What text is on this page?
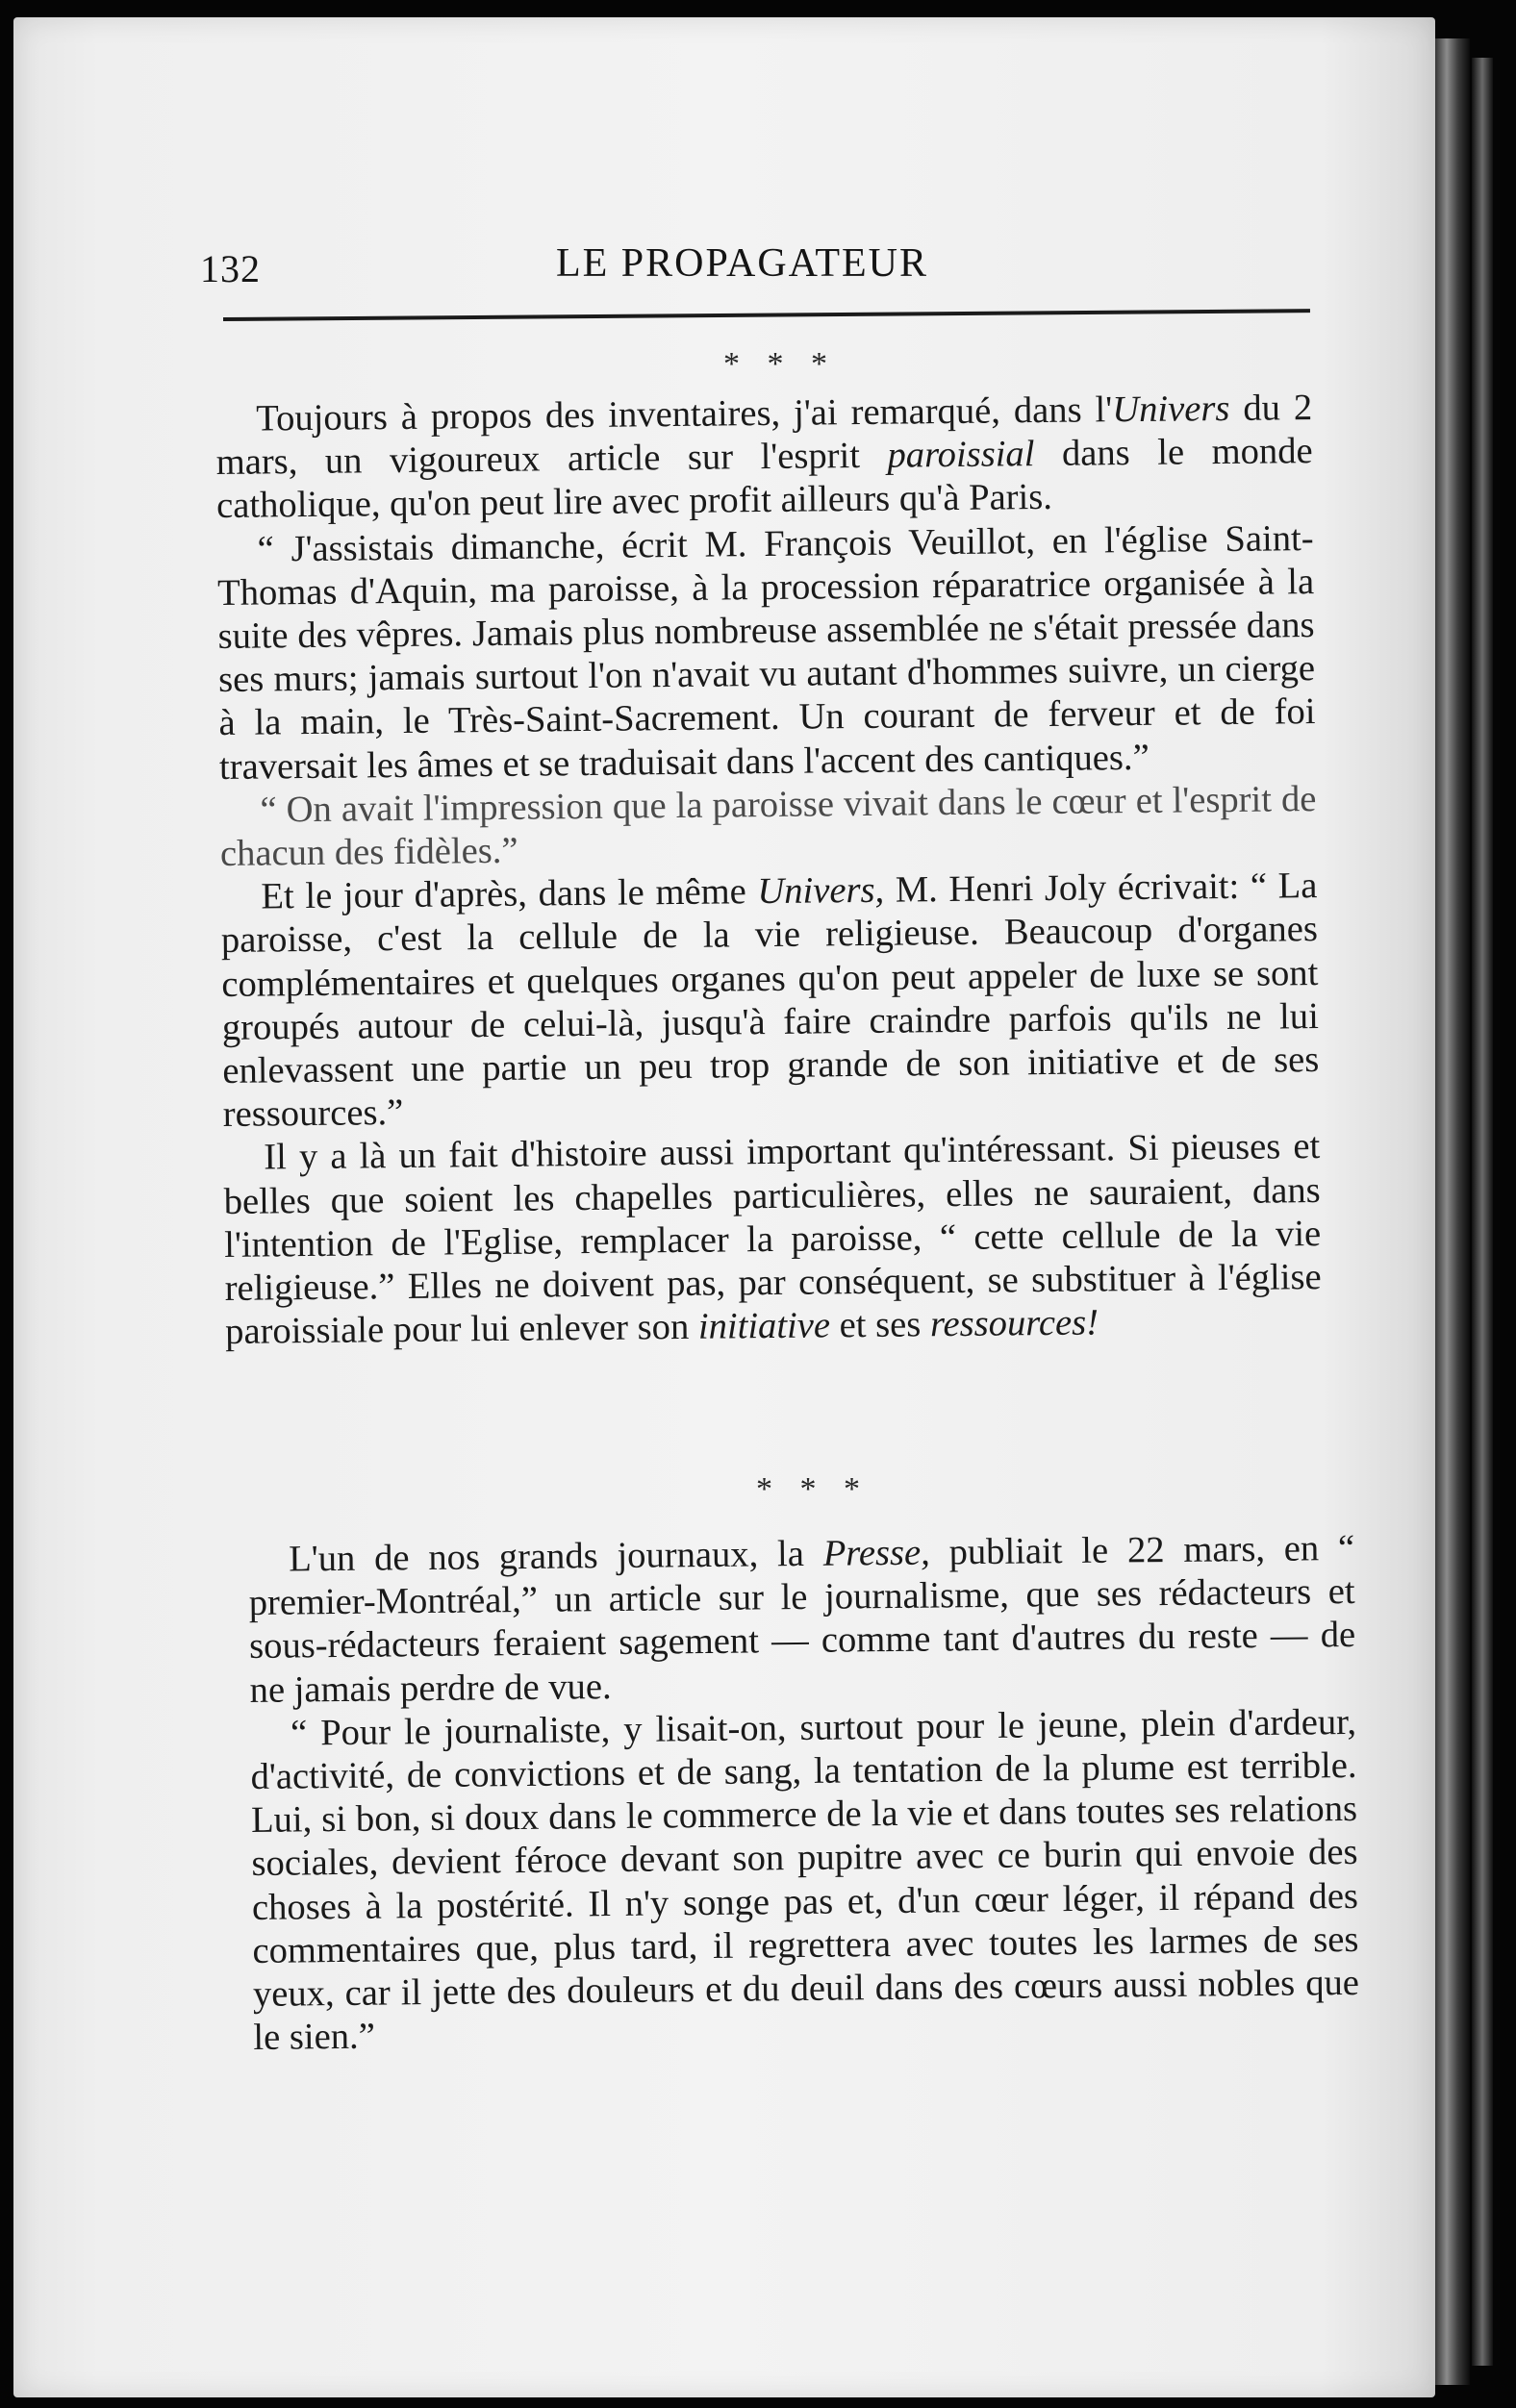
132	LE PROPAGATEUR
* * *

Toujours à propos des inventaires, j'ai remarqué, dans l'Univers du 2 mars, un vigoureux article sur l'esprit paroissial dans le monde catholique, qu'on peut lire avec profit ailleurs qu'à Paris.

“ J'assistais dimanche, écrit M. François Veuillot, en l'église Saint-Thomas d'Aquin, ma paroisse, à la procession réparatrice organisée à la suite des vêpres. Jamais plus nombreuse assemblée ne s'était pressée dans ses murs; jamais surtout l'on n'avait vu autant d'hommes suivre, un cierge à la main, le Très-Saint-Sacrement. Un courant de ferveur et de foi traversait les âmes et se traduisait dans l'accent des cantiques.”

“ On avait l'impression que la paroisse vivait dans le cœur et l'esprit de chacun des fidèles.”

Et le jour d'après, dans le même Univers, M. Henri Joly écrivait: “ La paroisse, c'est la cellule de la vie religieuse. Beaucoup d'organes complémentaires et quelques organes qu'on peut appeler de luxe se sont groupés autour de celui-là, jusqu'à faire craindre parfois qu'ils ne lui enlevassent une partie un peu trop grande de son initiative et de ses ressources.”

Il y a là un fait d'histoire aussi important qu'intéressant. Si pieuses et belles que soient les chapelles particulières, elles ne sauraient, dans l'intention de l'Eglise, remplacer la paroisse, “ cette cellule de la vie religieuse.” Elles ne doivent pas, par conséquent, se substituer à l'église paroissiale pour lui enlever son initiative et ses ressources!

* * *

L'un de nos grands journaux, la Presse, publiait le 22 mars, en “ premier-Montréal,” un article sur le journalisme, que ses rédacteurs et sous-rédacteurs feraient sagement — comme tant d'autres du reste — de ne jamais perdre de vue.

“ Pour le journaliste, y lisait-on, surtout pour le jeune, plein d'ardeur, d'activité, de convictions et de sang, la tentation de la plume est terrible. Lui, si bon, si doux dans le commerce de la vie et dans toutes ses relations sociales, devient féroce devant son pupitre avec ce burin qui envoie des choses à la postérité. Il n'y songe pas et, d'un cœur léger, il répand des commentaires que, plus tard, il regrettera avec toutes les larmes de ses yeux, car il jette des douleurs et du deuil dans des cœurs aussi nobles que le sien.”
